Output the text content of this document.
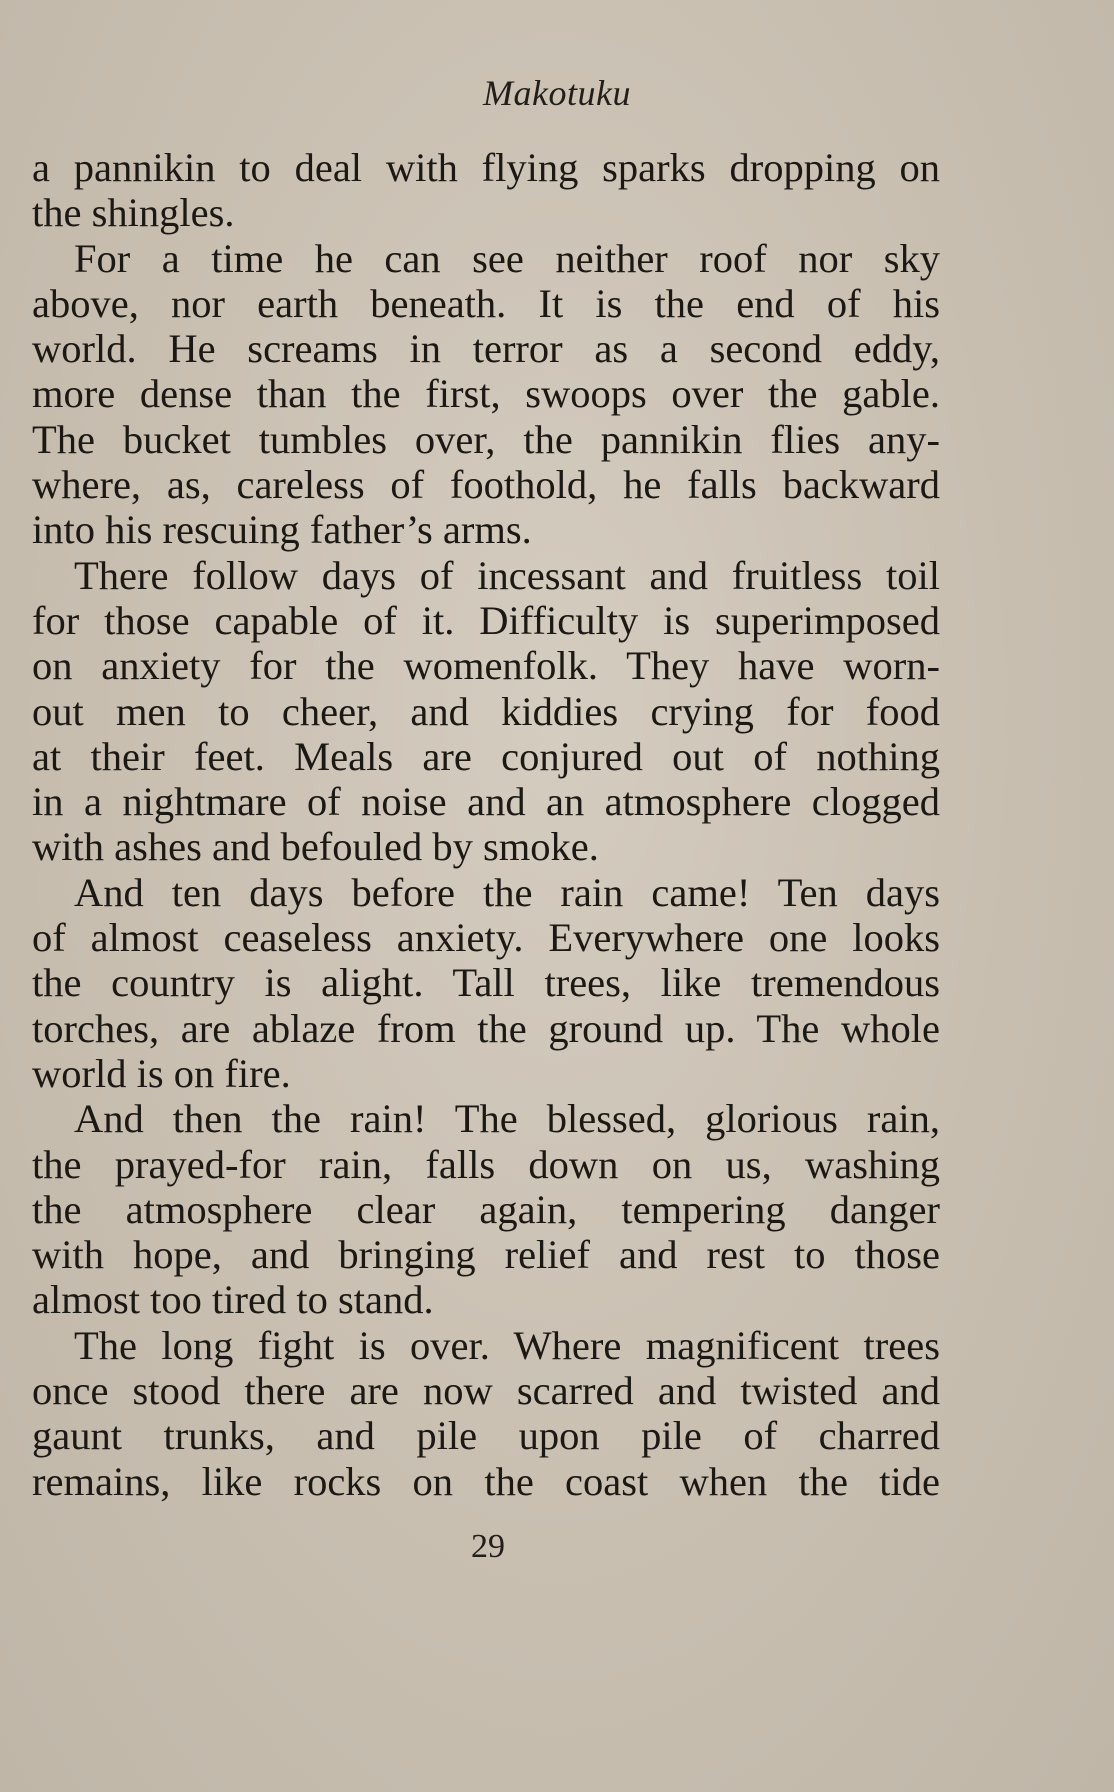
Makotuku

a pannikin to deal with flying sparks dropping on
the shingles.

For a time he can see neither roof nor sky
above, nor earth beneath. It is the end of his
world. He screams in terror as a second eddy,
more dense than the first, swoops over the gable.
The bucket tumbles over, the pannikin flies any-
where, as, careless of foothold, he falls backward
into his rescuing father’s arms.

There follow days of incessant and fruitless toil
for those capable of it. Difficulty is superimposed
on anxiety for the womenfolk. They have worn-
out men to cheer, and kiddies crying for food
at their feet. Meals are conjured out of nothing
in a nightmare of noise and an atmosphere clogged
with ashes and befouled by smoke.

And ten days before the rain came! Ten days
of almost ceaseless anxiety. Everywhere one looks
the country is alight. Tall trees, like tremendous
torches, are ablaze from the ground up. The whole
world is on fire.

And then the rain! The blessed, glorious rain,
the prayed-for rain, falls down on us, washing
the atmosphere clear again, tempering danger
with hope, and bringing relief and rest to those
almost too tired to stand.

The long fight is over. Where magnificent trees
once stood there are now scarred and twisted and
gaunt trunks, and pile upon pile of charred
remains, like rocks on the coast when the tide

29
